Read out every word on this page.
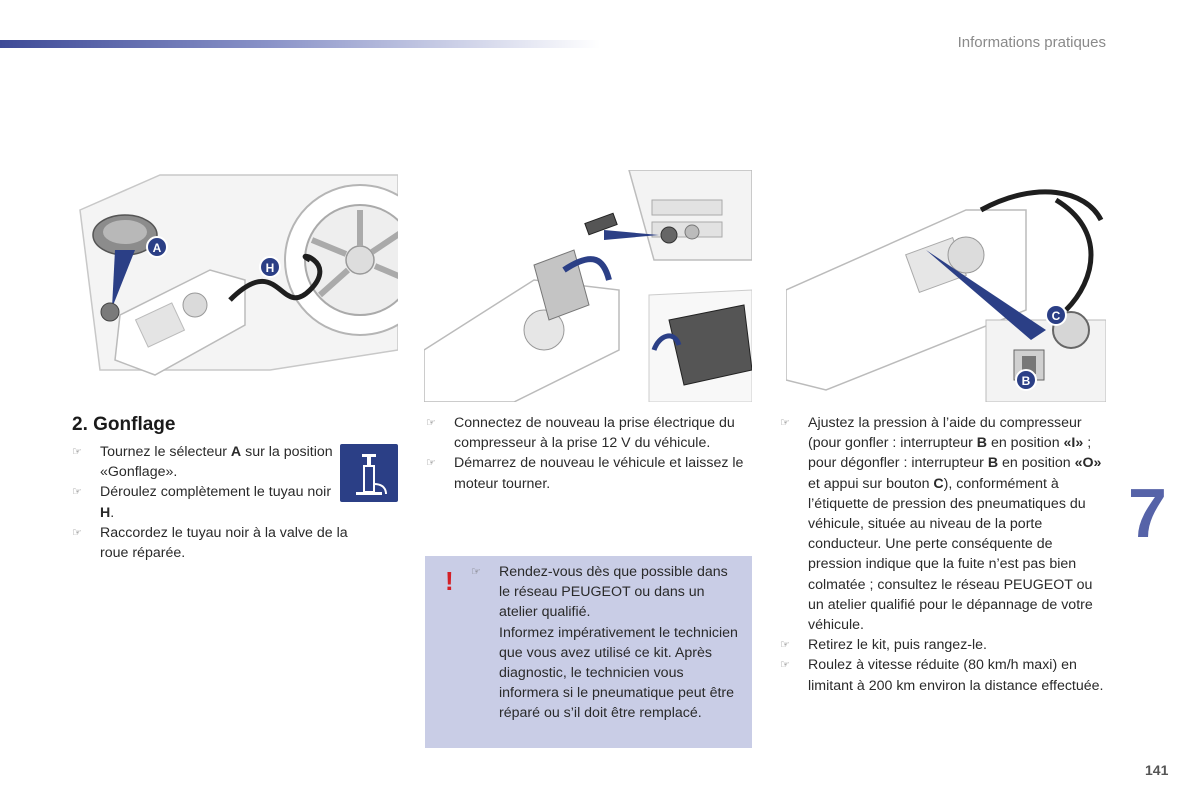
Informations pratiques
7
141
A
H
C
B
2. Gonflage
☞ Tournez le sélecteur A sur la position «Gonflage».
☞ Déroulez complètement le tuyau noir H.
☞ Raccordez le tuyau noir à la valve de la roue réparée.
☞ Connectez de nouveau la prise électrique du compresseur à la prise 12 V du véhicule.
☞ Démarrez de nouveau le véhicule et laissez le moteur tourner.
! ☞ Rendez-vous dès que possible dans le réseau PEUGEOT ou dans un atelier qualifié.
Informez impérativement le technicien que vous avez utilisé ce kit. Après diagnostic, le technicien vous informera si le pneumatique peut être réparé ou s’il doit être remplacé.
☞ Ajustez la pression à l’aide du compresseur (pour gonfler : interrupteur B en position «I» ; pour dégonfler : interrupteur B en position «O» et appui sur bouton C), conformément à l’étiquette de pression des pneumatiques du véhicule, située au niveau de la porte conducteur. Une perte conséquente de pression indique que la fuite n’est pas bien colmatée ; consultez le réseau PEUGEOT ou un atelier qualifié pour le dépannage de votre véhicule.
☞ Retirez le kit, puis rangez-le.
☞ Roulez à vitesse réduite (80 km/h maxi) en limitant à 200 km environ la distance effectuée.
